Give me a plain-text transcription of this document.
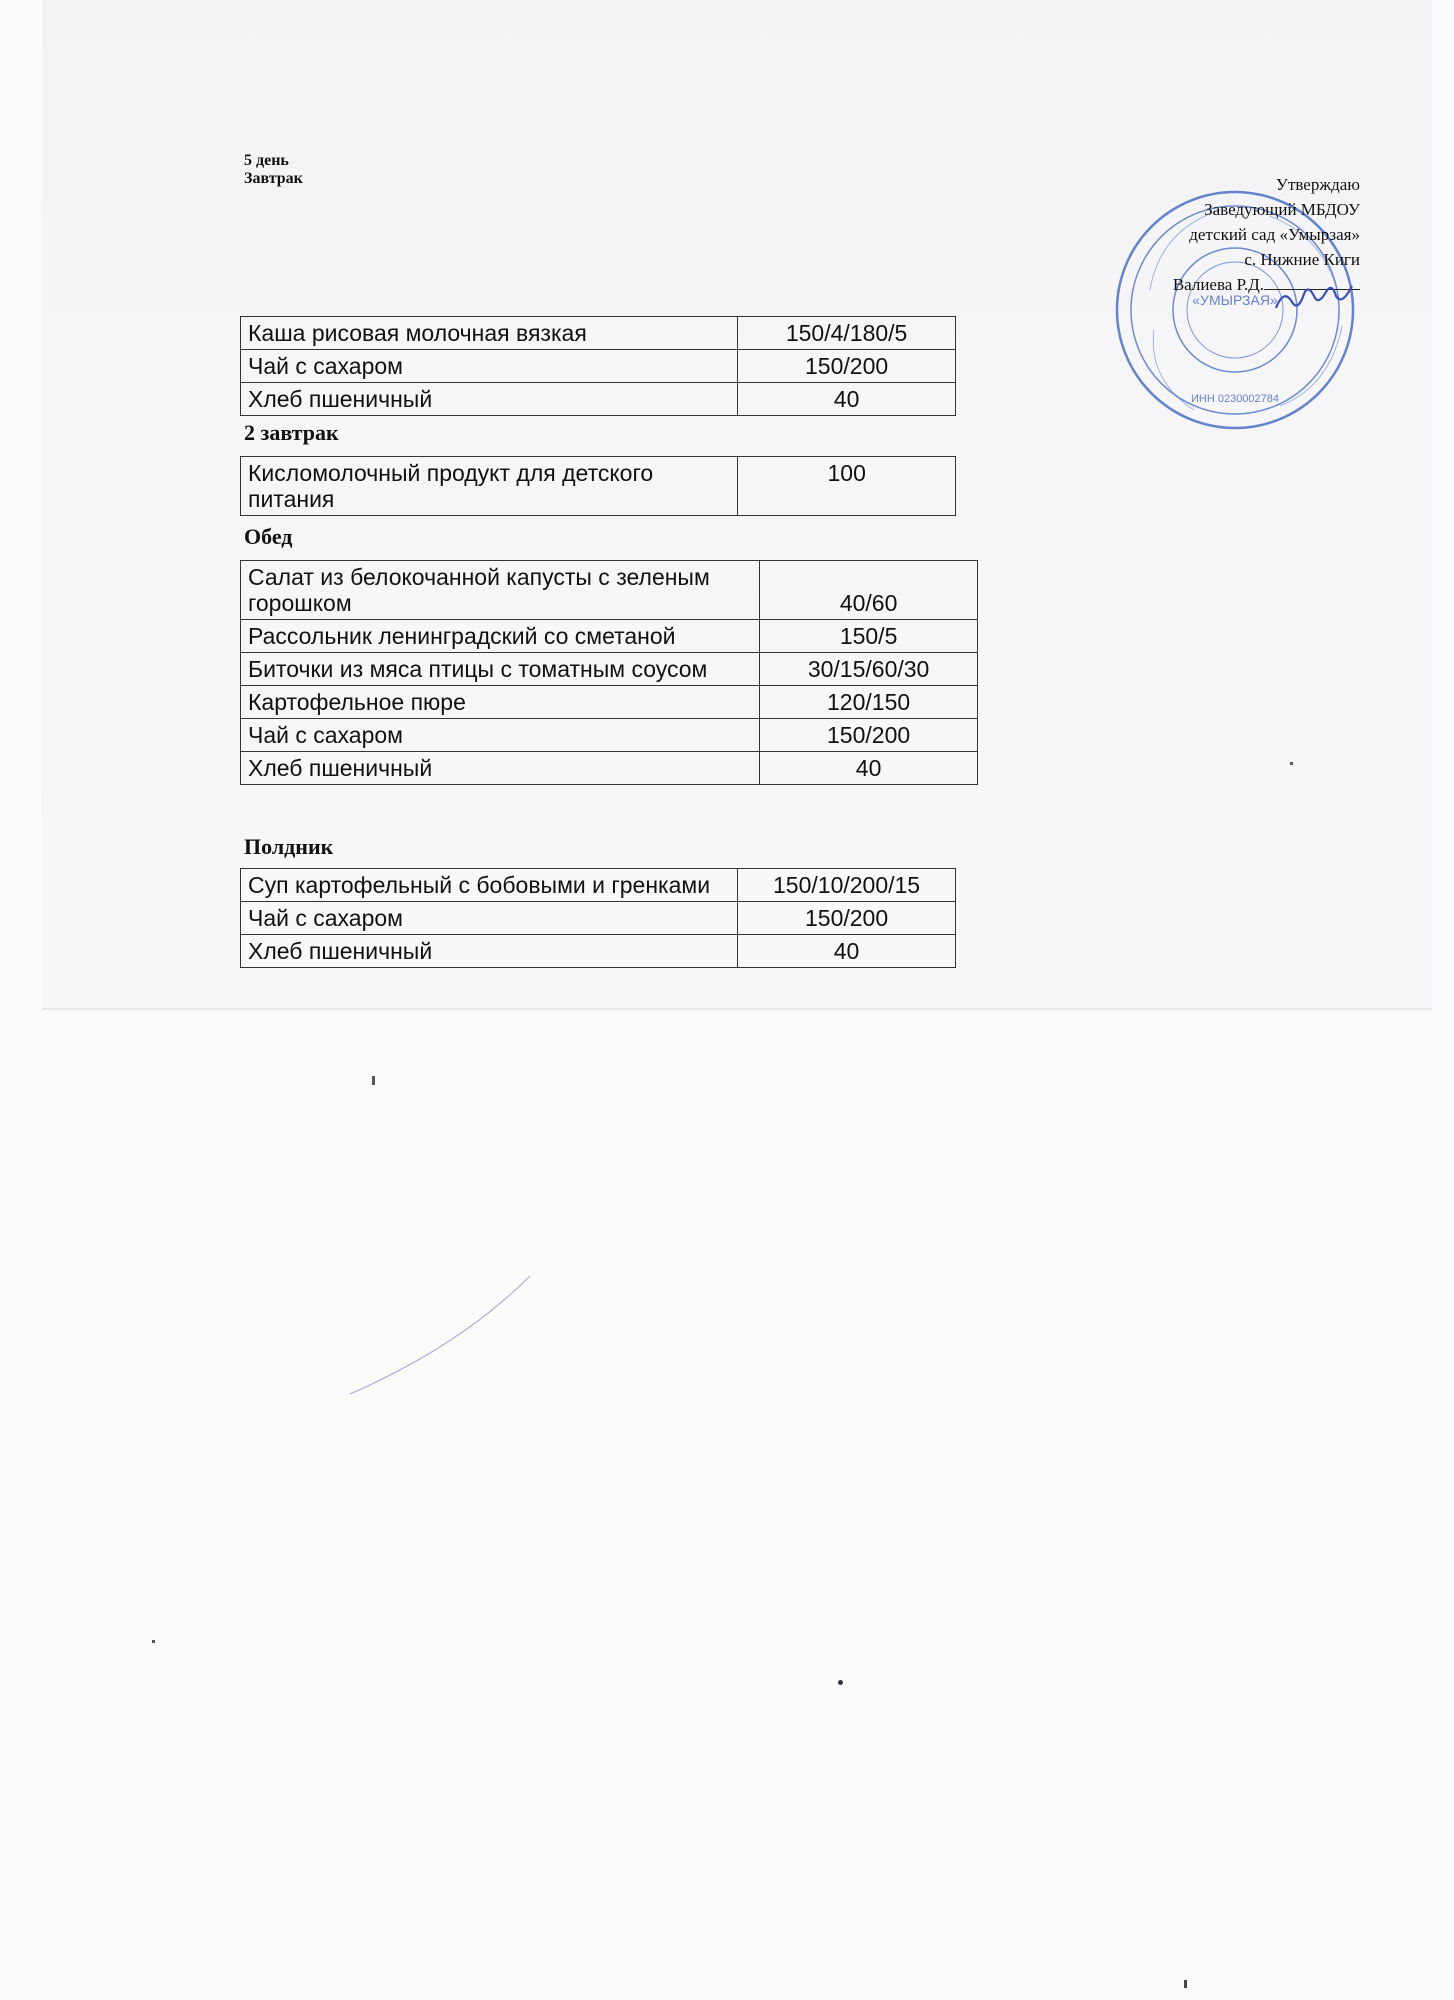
5 день
Завтрак
«УМЫРЗАЯ»
ИНН 0230002784
Утверждаю
Заведующий МБДОУ
детский сад «Умырзая»
с. Нижние Киги
Валиева Р.Д.
Каша рисовая молочная вязкая	150/4/180/5
Чай с сахаром	150/200
Хлеб пшеничный	40
2 завтрак
Кисломолочный продукт для детского питания	100
Обед
Салат из белокочанной капусты с зеленым горошком	40/60
Рассольник ленинградский со сметаной	150/5
Биточки из мяса птицы с томатным соусом	30/15/60/30
Картофельное пюре	120/150
Чай с сахаром	150/200
Хлеб пшеничный	40
Полдник
Суп картофельный с бобовыми и гренками	150/10/200/15
Чай с сахаром	150/200
Хлеб пшеничный	40
